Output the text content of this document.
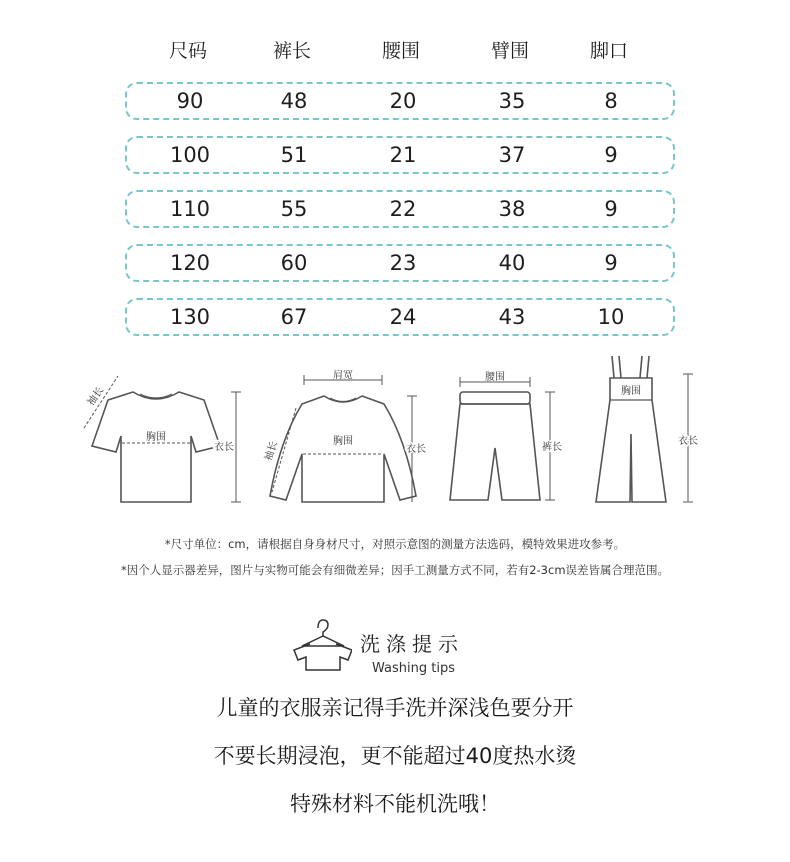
尺码	裤长	腰围	臂围	脚口
90	48	20	35	8
100	51	21	37	9
110	55	22	38	9
120	60	23	40	9
130	67	24	43	10
胸围
袖长
衣长
肩宽
胸围
袖长	衣长
腰围
裤长
胸围
衣长
*尺寸单位：cm，请根据自身身材尺寸，对照示意图的测量方法选码，模特效果进攻参考。
*因个人显示器差异，图片与实物可能会有细微差异；因手工测量方式不同，若有2-3cm误差皆属合理范围。
洗涤提示
Washing tips
儿童的衣服亲记得手洗并深浅色要分开
不要长期浸泡，更不能超过40度热水烫
特殊材料不能机洗哦！
